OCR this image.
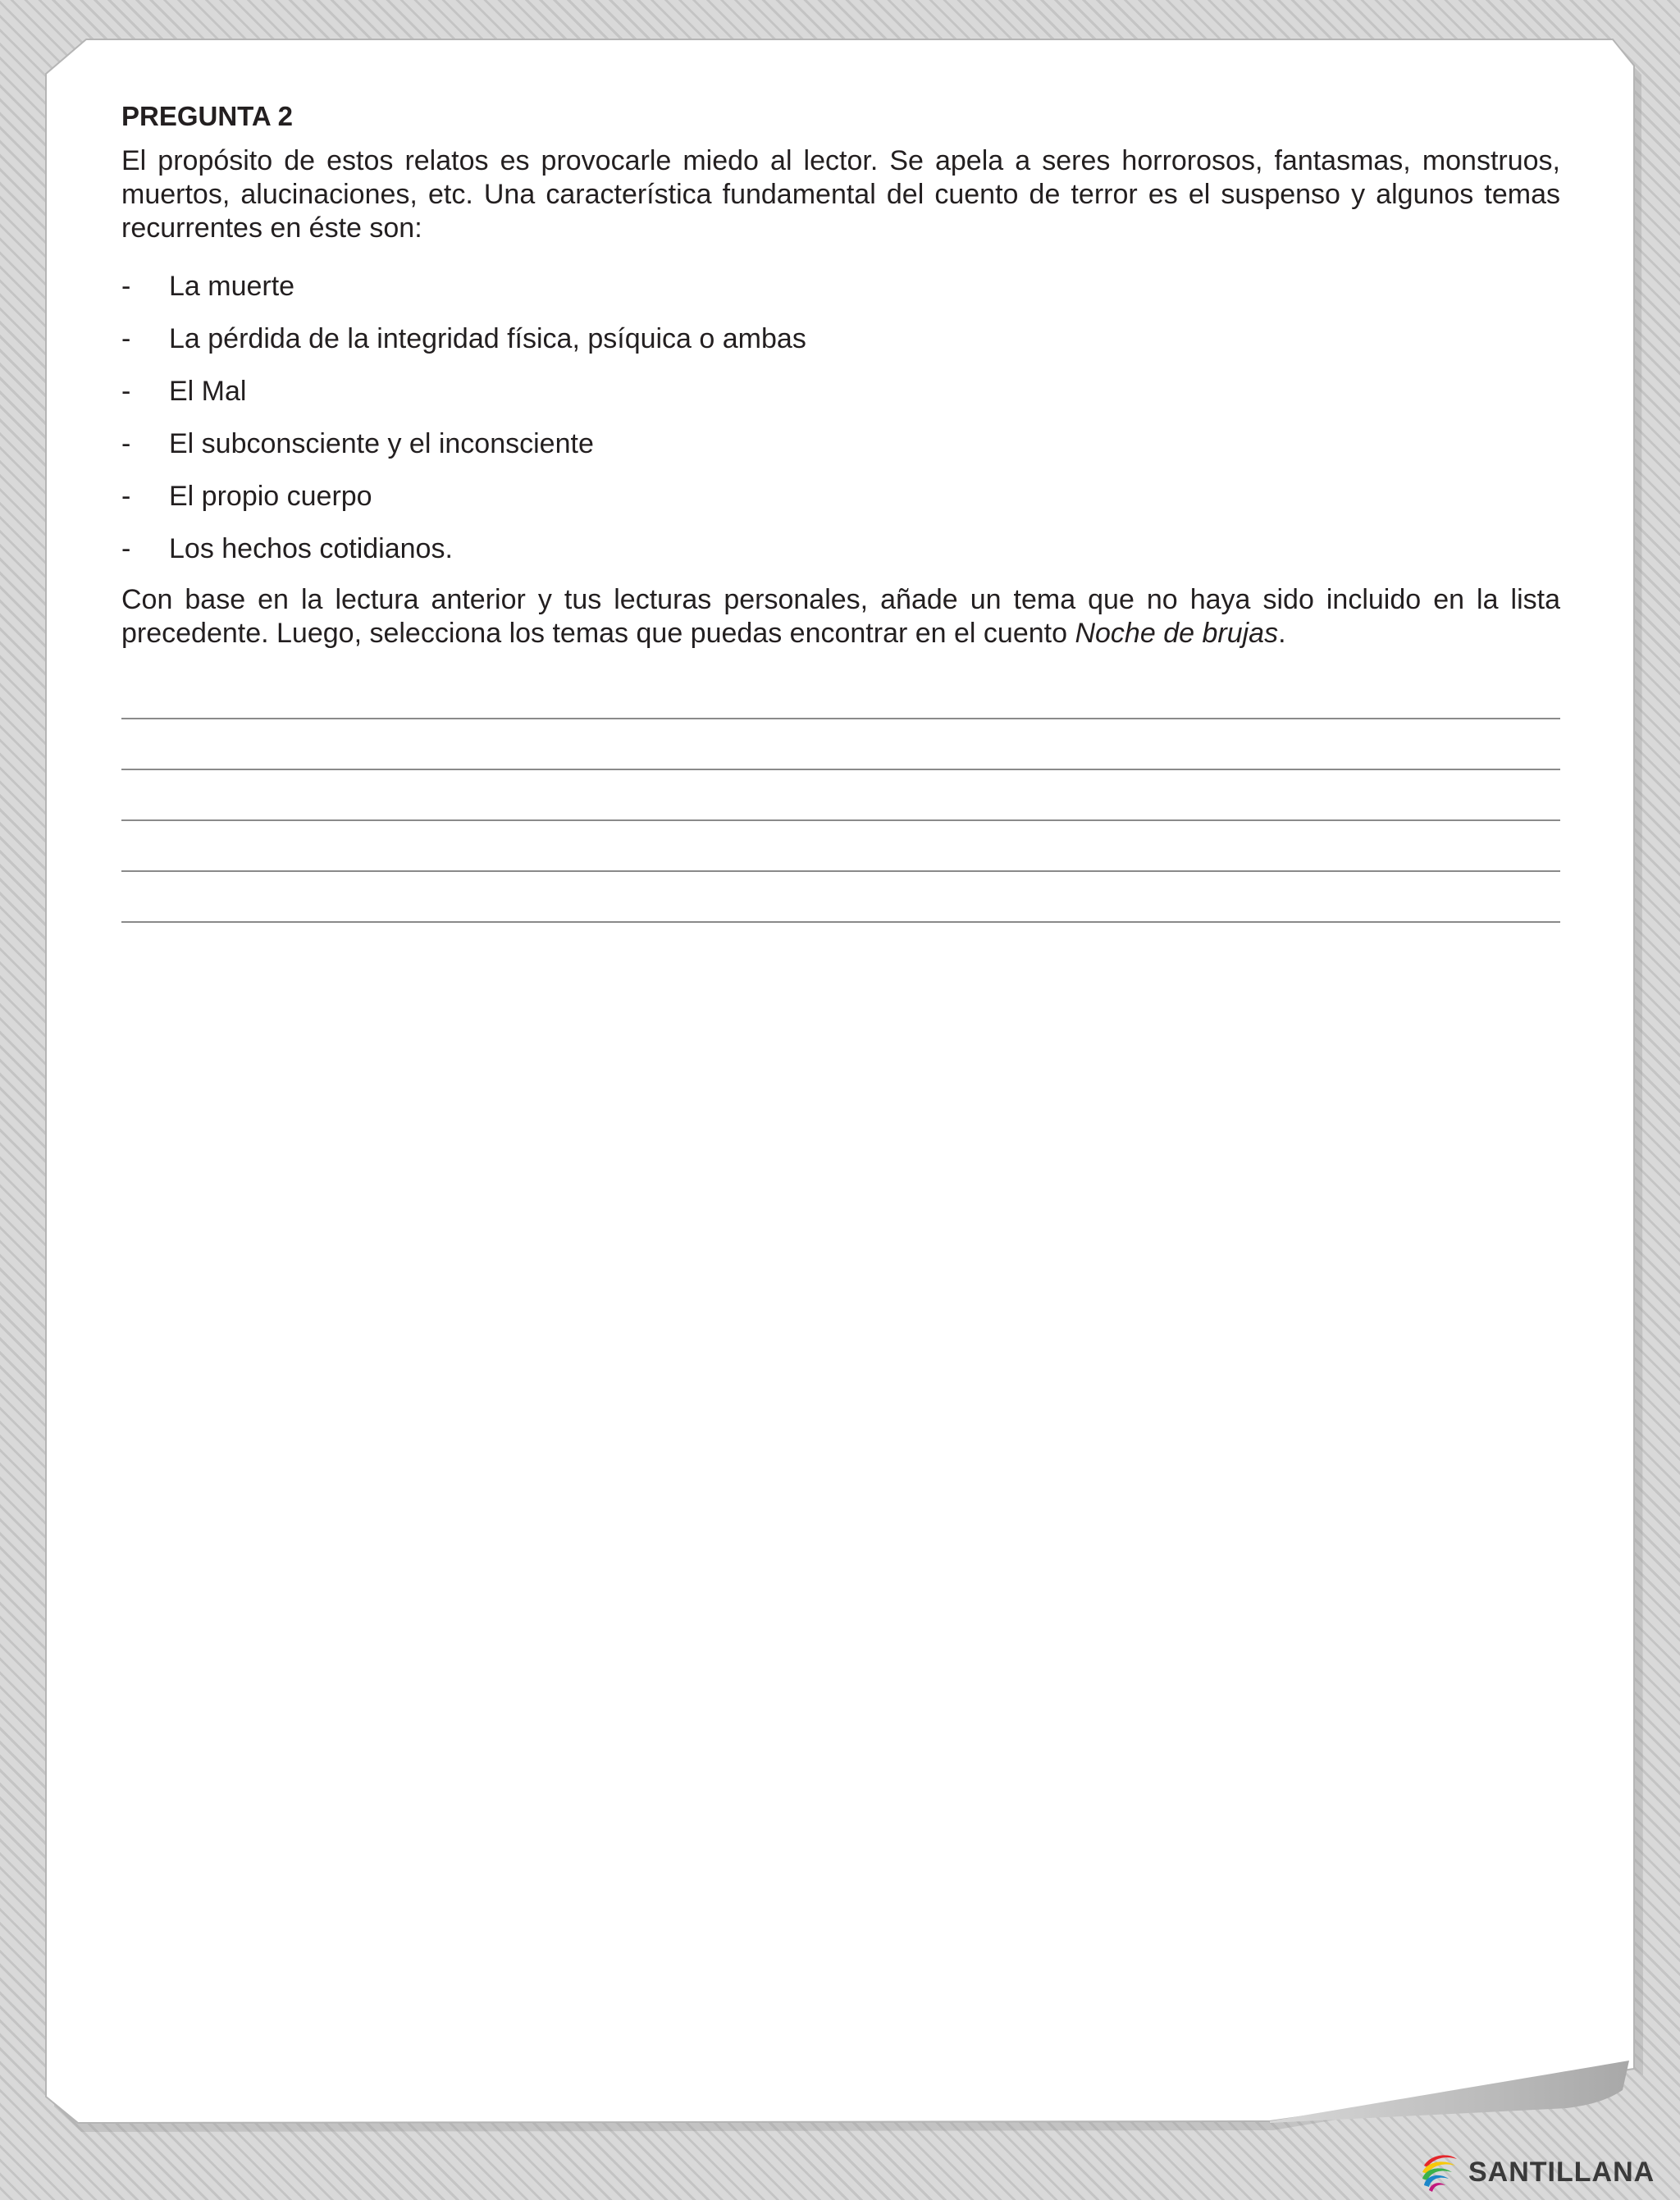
PREGUNTA 2

El propósito de estos relatos es provocarle miedo al lector. Se apela a seres horrorosos, fantasmas, monstruos, muertos, alucinaciones, etc. Una característica fundamental del cuento de terror es el suspenso y algunos temas recurrentes en éste son:

-	La muerte
-	La pérdida de la integridad física, psíquica o ambas
-	El Mal
-	El subconsciente y el inconsciente
-	El propio cuerpo
-	Los hechos cotidianos.

Con base en la lectura anterior y tus lecturas personales, añade un tema que no haya sido incluido en la lista precedente. Luego, selecciona los temas que puedas encontrar en el cuento Noche de brujas.

SANTILLANA
